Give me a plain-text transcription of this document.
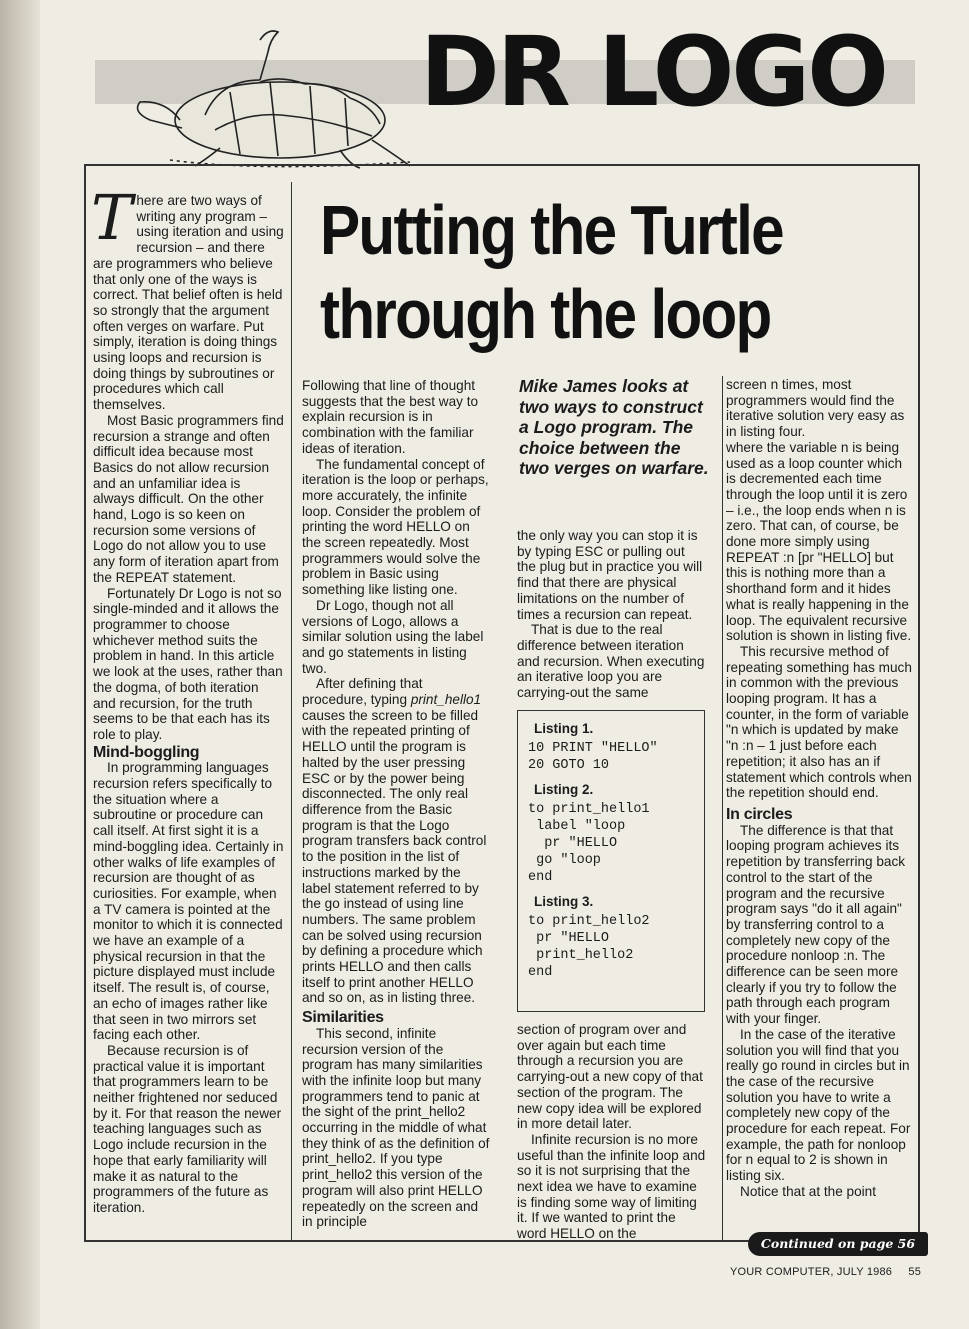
DR LOGO
Putting the Turtle
through the loop

There are two ways of writing any program – using iteration and using recursion – and there are programmers who believe that only one of the ways is correct. That belief often is held so strongly that the argument often verges on warfare. Put simply, iteration is doing things using loops and recursion is doing things by subroutines or procedures which call themselves.

Most Basic programmers find recursion a strange and often difficult idea because most Basics do not allow recursion and an unfamiliar idea is always difficult. On the other hand, Logo is so keen on recursion some versions of Logo do not allow you to use any form of iteration apart from the REPEAT statement.

Fortunately Dr Logo is not so single-minded and it allows the programmer to choose whichever method suits the problem in hand. In this article we look at the uses, rather than the dogma, of both iteration and recursion, for the truth seems to be that each has its role to play.

Mind-boggling

In programming languages recursion refers specifically to the situation where a subroutine or procedure can call itself. At first sight it is a mind-boggling idea. Certainly in other walks of life examples of recursion are thought of as curiosities. For example, when a TV camera is pointed at the monitor to which it is connected we have an example of a physical recursion in that the picture displayed must include itself. The result is, of course, an echo of images rather like that seen in two mirrors set facing each other.

Because recursion is of practical value it is important that programmers learn to be neither frightened nor seduced by it. For that reason the newer teaching languages such as Logo include recursion in the hope that early familiarity will make it as natural to the programmers of the future as iteration.

Following that line of thought suggests that the best way to explain recursion is in combination with the familiar ideas of iteration.

The fundamental concept of iteration is the loop or perhaps, more accurately, the infinite loop. Consider the problem of printing the word HELLO on the screen repeatedly. Most programmers would solve the problem in Basic using something like listing one.

Dr Logo, though not all versions of Logo, allows a similar solution using the label and go statements in listing two.

After defining that procedure, typing print_hello1 causes the screen to be filled with the repeated printing of HELLO until the program is halted by the user pressing ESC or by the power being disconnected. The only real difference from the Basic program is that the Logo program transfers back control to the position in the list of instructions marked by the label statement referred to by the go instead of using line numbers. The same problem can be solved using recursion by defining a procedure which prints HELLO and then calls itself to print another HELLO and so on, as in listing three.

Similarities

This second, infinite recursion version of the program has many similarities with the infinite loop but many programmers tend to panic at the sight of the print_hello2 occurring in the middle of what they think of as the definition of print_hello2. If you type print_hello2 this version of the program will also print HELLO repeatedly on the screen and in principle

Mike James looks at two ways to construct a Logo program. The choice between the two verges on warfare.

the only way you can stop it is by typing ESC or pulling out the plug but in practice you will find that there are physical limitations on the number of times a recursion can repeat.

That is due to the real difference between iteration and recursion. When executing an iterative loop you are carrying-out the same

Listing 1.
10 PRINT "HELLO"
20 GOTO 10
Listing 2.
to print_hello1
label "loop
pr "HELLO
go "loop
end
Listing 3.
to print_hello2
pr "HELLO
print_hello2
end

section of program over and over again but each time through a recursion you are carrying-out a new copy of that section of the program. The new copy idea will be explored in more detail later.

Infinite recursion is no more useful than the infinite loop and so it is not surprising that the next idea we have to examine is finding some way of limiting it. If we wanted to print the word HELLO on the

screen n times, most programmers would find the iterative solution very easy as in listing four.

where the variable n is being used as a loop counter which is decremented each time through the loop until it is zero – i.e., the loop ends when n is zero. That can, of course, be done more simply using REPEAT :n [pr "HELLO] but this is nothing more than a shorthand form and it hides what is really happening in the loop. The equivalent recursive solution is shown in listing five.

This recursive method of repeating something has much in common with the previous looping program. It has a counter, in the form of variable "n which is updated by make "n :n – 1 just before each repetition; it also has an if statement which controls when the repetition should end.

In circles

The difference is that that looping program achieves its repetition by transferring back control to the start of the program and the recursive program says "do it all again" by transferring control to a completely new copy of the procedure nonloop :n. The difference can be seen more clearly if you try to follow the path through each program with your finger.

In the case of the iterative solution you will find that you really go round in circles but in the case of the recursive solution you have to write a completely new copy of the procedure for each repeat. For example, the path for nonloop for n equal to 2 is shown in listing six.

Notice that at the point

Continued on page 56
YOUR COMPUTER, JULY 1986     55
